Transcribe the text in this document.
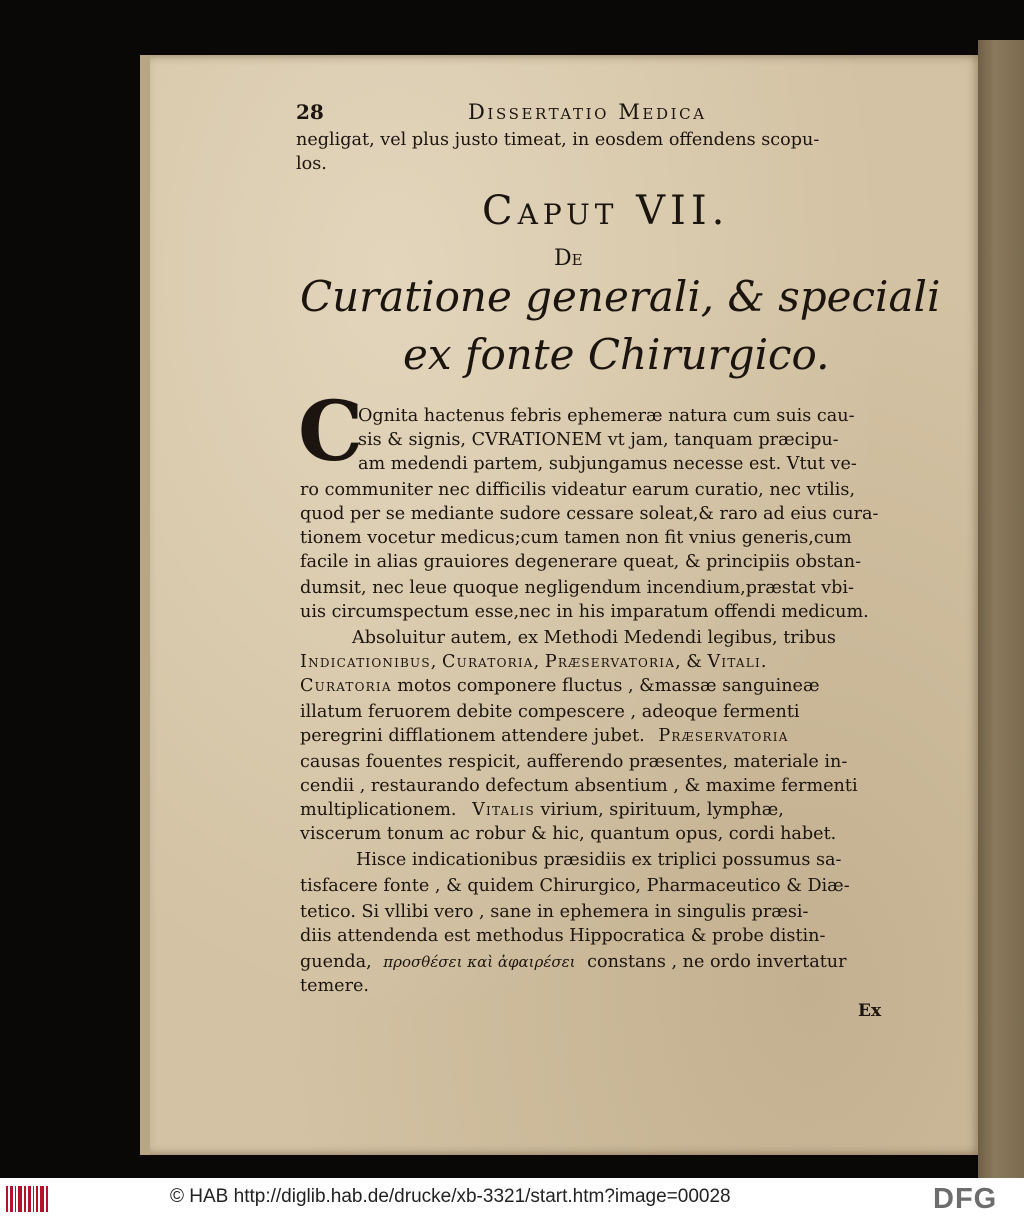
28	Dissertatio Medica
negligat, vel plus justo timeat, in eosdem offendens scopu-
los.
Caput VII.
De
Curatione generali, & speciali
ex fonte Chirurgico.
C
Ognita hactenus febris ephemeræ natura cum suis cau-
sis & signis, CVRATIONEM vt jam, tanquam præcipu-
am medendi partem, subjungamus necesse est. Vtut ve-
ro communiter nec difficilis videatur earum curatio, nec vtilis,
quod per se mediante sudore cessare soleat,& raro ad eius cura-
tionem vocetur medicus;cum tamen non fit vnius generis,cum
facile in alias grauiores degenerare queat, & principiis obstan-
dumsit, nec leue quoque negligendum incendium,præstat vbi-
uis circumspectum esse,nec in his imparatum offendi medicum.
Absoluitur autem, ex Methodi Medendi legibus, tribus
Indicationibus, Curatoria, Præservatoria, & Vitali.
Curatoria motos componere fluctus , &massæ sanguineæ
illatum feruorem debite compescere , adeoque fermenti
peregrini difflationem attendere jubet. Præservatoria
causas fouentes respicit, aufferendo præsentes, materiale in-
cendii , restaurando defectum absentium , & maxime fermenti
multiplicationem. Vitalis virium, spirituum, lymphæ,
viscerum tonum ac robur & hic, quantum opus, cordi habet.
Hisce indicationibus præsidiis ex triplici possumus sa-
tisfacere fonte , & quidem Chirurgico, Pharmaceutico & Diæ-
tetico. Si vllibi vero , sane in ephemera in singulis præsi-
diis attendenda est methodus Hippocratica & probe distin-
guenda, προσθέσει καὶ ἀφαιρέσει constans , ne ordo invertatur
temere.
Ex
© HAB http://diglib.hab.de/drucke/xb-3321/start.htm?image=00028	DFG
